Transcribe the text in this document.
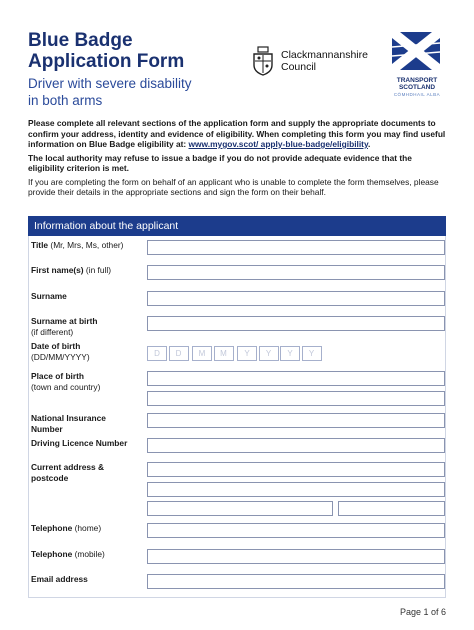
Blue Badge
Application Form
Driver with severe disability
in both arms
Clackmannanshire
Council
TRANSPORT
SCOTLAND
CÒMHDHAIL ALBA

Please complete all relevant sections of the application form and supply the appropriate documents to confirm your address, identity and evidence of eligibility. When completing this form you may find useful information on Blue Badge eligibility at: www.mygov.scot/ apply-blue-badge/eligibility.

The local authority may refuse to issue a badge if you do not provide adequate evidence that the eligibility criterion is met.

If you are completing the form on behalf of an applicant who is unable to complete the form themselves, please provide their details in the appropriate sections and sign the form on their behalf.

Information about the applicant
Title (Mr, Mrs, Ms, other)
First name(s) (in full)
Surname
Surname at birth
(if different)
Date of birth
(DD/MM/YYYY)	D	D	M	M	Y	Y	Y	Y
Place of birth
(town and country)
National Insurance Number
Driving Licence Number
Current address & postcode
Telephone (home)
Telephone (mobile)
Email address
Page 1 of 6
